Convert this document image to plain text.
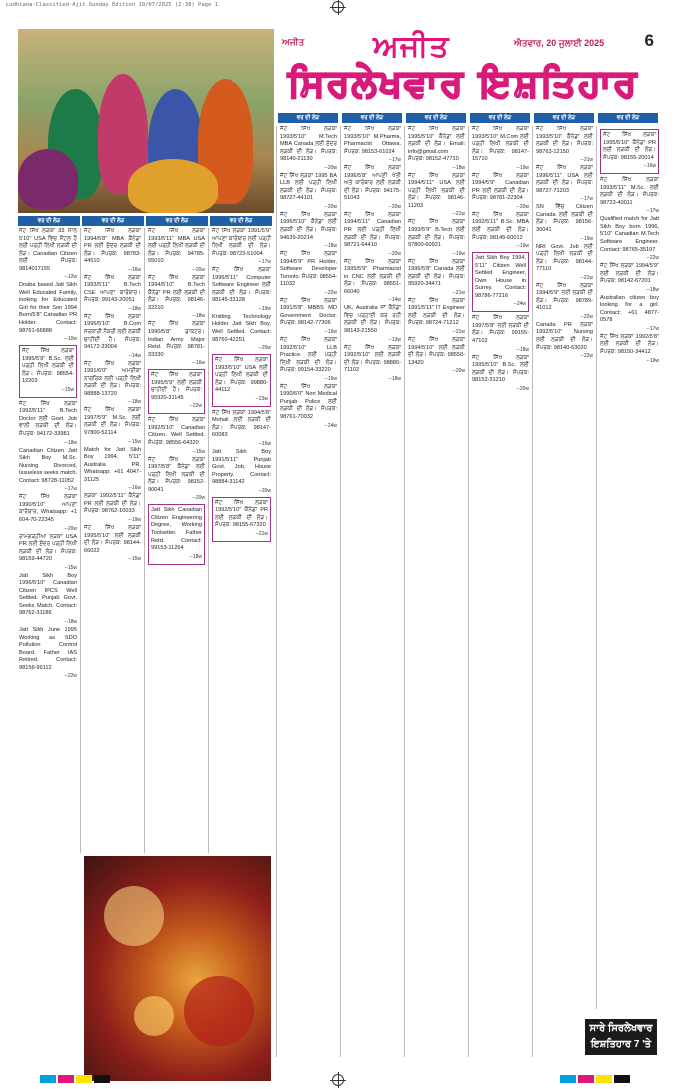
Ludhiana-Classified-Ajit Sunday Edition 19/07/2025 (2:38) Page 1
ਅਜੀਤ ਅਜੀਤ	ਐਤਵਾਰ, 20 ਜੁਲਾਈ 2025 6
ਸਿਰਲੇਖਵਾਰ ਇਸ਼ਤਿਹਾਰ
ਵਰ ਦੀ ਲੋੜ	ਵਰ ਦੀ ਲੋੜ	ਵਰ ਦੀ ਲੋੜ	ਵਰ ਦੀ ਲੋੜ	ਵਰ ਦੀ ਲੋੜ	ਵਰ ਦੀ ਲੋੜ
ਵਰ ਦੀ ਲੋੜ	ਵਰ ਦੀ ਲੋੜ	ਵਰ ਦੀ ਲੋੜ	ਵਰ ਦੀ ਲੋੜ
ਜੱਟ ਸਿੱਖ ਲੜਕਾ 33 ਸਾਲ 5'10" USA ਵਿਚ ਸੈਟਲ ਹੈ ਲਈ ਪੜ੍ਹੀ ਲਿਖੀ ਲੜਕੀ ਦੀ ਲੋੜ। Canadian Citizen ਲਈ ਸੰਪਰਕ: 9814017155
--12w
Doaba based Jatt Sikh Well Educated Family, looking for Educated Girl for their Son 1994 Born/5'8" Canadian PR Holder. Contact: 98761-66888
--10w
ਜੱਟ ਸਿੱਖ ਲੜਕਾ 1995/5'9" B.Sc. ਲਈ ਪੜ੍ਹੀ ਲਿਖੀ ਲੜਕੀ ਦੀ ਲੋੜ। ਸੰਪਰਕ: 98554-12203
--15w
ਜੱਟ ਸਿੱਖ ਲੜਕਾ 1992/5'11" B.Tech Doctor ਲਈ Govt. Job ਵਾਲੀ ਲੜਕੀ ਦੀ ਲੋੜ। ਸੰਪਰਕ: 94172-33981
--18w
Canadian Citizen Jatt Sikh Boy M.Sc. Nursing Divorced, Issueless seeks match. Contact: 98728-11052
--17w
ਜੱਟ ਸਿੱਖ ਲੜਕਾ 1990/5'10" ਆਪਣਾ ਕਾਰੋਬਾਰ, Whatsapp: +1 604-70-22345
--20w
ਰਾਮਗੜ੍ਹੀਆ ਲੜਕਾ USA PR ਲਈ ਸੁੰਦਰ ਪੜ੍ਹੀ ਲਿਖੀ ਲੜਕੀ ਦੀ ਲੋੜ। ਸੰਪਰਕ: 98159-44720
--15w
Jatt Sikh Boy 1996/5'10" Canadian Citizen IPCS Well Settled. Punjab Govt. Seeks Match. Contact: 98762-31186
--18w
Jatt Sikh June 1995 Working as SDO Pollution Control Board. Father IAS Retired. Contact: 98156-99112
--22w
ਜੱਟ ਸਿੱਖ ਲੜਕਾ 1994/5'8" MBA ਕੈਨੇਡਾ PR ਲਈ ਸੁੰਦਰ ਲੜਕੀ ਦੀ ਲੋੜ। ਸੰਪਰਕ: 98783-44510
--16w
ਜੱਟ ਸਿੱਖ ਲੜਕਾ 1993/5'11" B.Tech CSE ਆਪਣਾ ਕਾਰੋਬਾਰ। ਸੰਪਰਕ: 99143-20051
--18w
ਜੱਟ ਸਿੱਖ ਲੜਕਾ 1996/5'10" B.Com ਸਰਕਾਰੀ ਨੌਕਰੀ ਲਈ ਲੜਕੀ ਚਾਹੀਦੀ ਹੈ। ਸੰਪਰਕ: 94172-33004
--14w
ਜੱਟ ਸਿੱਖ ਲੜਕਾ 1991/6'0" ਅਮਰੀਕਾ ਨਾਗਰਿਕ ਲਈ ਪੜ੍ਹੀ ਲਿਖੀ ਲੜਕੀ ਦੀ ਲੋੜ। ਸੰਪਰਕ: 98888-13720
--18w
ਜੱਟ ਸਿੱਖ ਲੜਕਾ 1997/5'9" M.Sc. ਲਈ ਲੜਕੀ ਦੀ ਲੋੜ। ਸੰਪਰਕ: 97800-52114
--15w
Match for Jatt Sikh Boy 1994, 5'11" Australia PR. Whatsapp: +61 4047-31125
--16w
ਲੜਕਾ 1992/5'11" ਕੈਨੇਡਾ PR ਲਈ ਲੜਕੀ ਦੀ ਲੋੜ। ਸੰਪਰਕ: 98762-10033
--19w
ਜੱਟ ਸਿੱਖ ਲੜਕਾ 1995/5'10" ਲਈ ਲੜਕੀ ਦੀ ਲੋੜ। ਸੰਪਰਕ: 98144-66022
--15w
ਜੱਟ ਸਿੱਖ ਲੜਕਾ 1993/5'11" MBA USA ਲਈ ਪੜ੍ਹੀ ਲਿਖੀ ਲੜਕੀ ਦੀ ਲੋੜ। ਸੰਪਰਕ: 94785-55010
--20w
ਜੱਟ ਸਿੱਖ ਲੜਕਾ 1994/5'10" B.Tech ਕੈਨੇਡਾ PR ਲਈ ਲੜਕੀ ਦੀ ਲੋੜ। ਸੰਪਰਕ: 98146-32210
--18w
ਜੱਟ ਸਿੱਖ ਲੜਕਾ 1990/5'8" ਡਾਕਟਰ। Indian Army Major Retd. ਸੰਪਰਕ: 98781-33330
--16w
ਜੱਟ ਸਿੱਖ ਲੜਕਾ 1995/5'9" ਲਈ ਲੜਕੀ ਚਾਹੀਦੀ ਹੈ। ਸੰਪਰਕ: 95920-31145
--22w
ਜੱਟ ਸਿੱਖ ਲੜਕਾ 1992/5'10" Canadian Citizen. Well Settled. ਸੰਪਰਕ: 98556-64320
--15w
ਜੱਟ ਸਿੱਖ ਲੜਕਾ 1997/5'8" ਕੈਨੇਡਾ ਲਈ ਪੜ੍ਹੀ ਲਿਖੀ ਲੜਕੀ ਦੀ ਲੋੜ। ਸੰਪਰਕ: 98152-90041
--20w
Jatt Sikh Canadian Citizen Engineering Degree, Working Toolsetter. Father Retd. Contact: 99153-11264
--18w
ਜੱਟ ਸਿੱਖ ਲੜਕਾ 1991/5'9" ਆਪਣਾ ਕਾਰੋਬਾਰ ਲਈ ਪੜ੍ਹੀ ਲਿਖੀ ਲੜਕੀ ਦੀ ਲੋੜ। ਸੰਪਰਕ: 98723-51004
--17w
ਜੱਟ ਸਿੱਖ ਲੜਕਾ 1996/5'11" Computer Software Engineer ਲਈ ਲੜਕੀ ਦੀ ਲੋੜ। ਸੰਪਰਕ: 98145-33128
--19w
Knitting Technology Holder Jatt Sikh Boy, Well Settled. Contact: 98760-42251
--20w
ਜੱਟ ਸਿੱਖ ਲੜਕਾ 1993/5'10" USA ਲਈ ਪੜ੍ਹੀ ਲਿਖੀ ਲੜਕੀ ਦੀ ਲੋੜ। ਸੰਪਰਕ: 99880-44112
--23w
ਜੱਟ ਸਿੱਖ ਲੜਕਾ 1994/5'8" Mohali ਲਈ ਲੜਕੀ ਦੀ ਲੋੜ। ਸੰਪਰਕ: 98147-60083
--16w
Jatt Sikh Boy 1991/5'11" Punjab Govt. Job, House Property. Contact: 98884-31142
--20w
ਜੱਟ ਸਿੱਖ ਲੜਕਾ 1992/5'10" ਕੈਨੇਡਾ PR ਲਈ ਲੜਕੀ ਦੀ ਲੋੜ। ਸੰਪਰਕ: 98155-67320
--21w
ਜੱਟ ਸਿੱਖ ਲੜਕਾ 1993/5'10" M.Tech MBA Canada ਲਈ ਸੁੰਦਰ ਲੜਕੀ ਦੀ ਲੋੜ। ਸੰਪਰਕ: 98140-21130
--20w
ਜੱਟ ਸਿੱਖ ਲੜਕਾ 1995 BA LLB ਲਈ ਪੜ੍ਹੀ ਲਿਖੀ ਲੜਕੀ ਦੀ ਲੋੜ। ਸੰਪਰਕ: 98727-44101
--20w
ਜੱਟ ਸਿੱਖ ਲੜਕਾ 1996/5'10" ਕੈਨੇਡਾ ਲਈ ਲੜਕੀ ਦੀ ਲੋੜ। ਸੰਪਰਕ: 94639-20214
--18w
ਜੱਟ ਸਿੱਖ ਲੜਕਾ 1994/5'9" PR Holder, Software Developer Toronto. ਸੰਪਰਕ: 98554-11032
--22w
ਜੱਟ ਸਿੱਖ ਲੜਕਾ 1991/5'8" MBBS MD Government Doctor. ਸੰਪਰਕ: 98142-77306
--19w
ਜੱਟ ਸਿੱਖ ਲੜਕਾ 1992/5'10" LLB Practice ਲਈ ਪੜ੍ਹੀ ਲਿਖੀ ਲੜਕੀ ਦੀ ਲੋੜ। ਸੰਪਰਕ: 99154-33220
--19w
ਜੱਟ ਸਿੱਖ ਲੜਕਾ 1990/6'0" Non Medical Punjab Police ਲਈ ਲੜਕੀ ਦੀ ਲੋੜ। ਸੰਪਰਕ: 98761-70032
--24w
ਜੱਟ ਸਿੱਖ ਲੜਕਾ 1993/5'10" M.Pharma, Pharmacist Ottawa. ਸੰਪਰਕ: 98153-61024
--17w
ਜੱਟ ਸਿੱਖ ਲੜਕਾ 1996/5'8" ਆਪਣੀ ਖੇਤੀ ਅਤੇ ਕਾਰੋਬਾਰ ਲਈ ਲੜਕੀ ਦੀ ਲੋੜ। ਸੰਪਰਕ: 94175-51043
--20w
ਜੱਟ ਸਿੱਖ ਲੜਕਾ 1994/5'11" Canadian PR ਲਈ ਪੜ੍ਹੀ ਲਿਖੀ ਲੜਕੀ ਦੀ ਲੋੜ। ਸੰਪਰਕ: 98721-64410
--20w
ਜੱਟ ਸਿੱਖ ਲੜਕਾ 1995/5'9" Pharmacist in CNC ਲਈ ਲੜਕੀ ਦੀ ਲੋੜ। ਸੰਪਰਕ: 98551-66040
--14w
UK, Australia ਜਾਂ ਕੈਨੇਡਾ ਵਿਚ ਪੜ੍ਹਾਈ ਕਰ ਰਹੀ ਲੜਕੀ ਦੀ ਲੋੜ। ਸੰਪਰਕ: 98143-21550
--13w
ਜੱਟ ਸਿੱਖ ਲੜਕਾ 1992/5'10" ਲਈ ਲੜਕੀ ਦੀ ਲੋੜ। ਸੰਪਰਕ: 98880-71102
--18w
ਜੱਟ ਸਿੱਖ ਲੜਕਾ 1995/5'10" ਕੈਨੇਡਾ ਲਈ ਲੜਕੀ ਦੀ ਲੋੜ। Email: info@gmail.com ਸੰਪਰਕ: 98152-47710
--18w
ਜੱਟ ਸਿੱਖ ਲੜਕਾ 1994/5'11" USA ਲਈ ਪੜ੍ਹੀ ਲਿਖੀ ਲੜਕੀ ਦੀ ਲੋੜ। ਸੰਪਰਕ: 98146-11203
--21w
ਜੱਟ ਸਿੱਖ ਲੜਕਾ 1993/5'9" B.Tech ਲਈ ਲੜਕੀ ਦੀ ਲੋੜ। ਸੰਪਰਕ: 97800-60921
--19w
ਜੱਟ ਸਿੱਖ ਲੜਕਾ 1996/5'8" Canada ਲਈ ਲੜਕੀ ਦੀ ਲੋੜ। ਸੰਪਰਕ: 95920-34471
--21w
ਜੱਟ ਸਿੱਖ ਲੜਕਾ 1991/5'11" IT Engineer ਲਈ ਲੜਕੀ ਦੀ ਲੋੜ। ਸੰਪਰਕ: 98724-71212
--21w
ਜੱਟ ਸਿੱਖ ਲੜਕਾ 1994/5'10" ਲਈ ਲੜਕੀ ਦੀ ਲੋੜ। ਸੰਪਰਕ: 98550-13420
--20w
ਜੱਟ ਸਿੱਖ ਲੜਕਾ 1993/5'10" M.Com ਲਈ ਪੜ੍ਹੀ ਲਿਖੀ ਲੜਕੀ ਦੀ ਲੋੜ। ਸੰਪਰਕ: 98147-15710
--19w
ਜੱਟ ਸਿੱਖ ਲੜਕਾ 1994/5'9" Canadian PR ਲਈ ਲੜਕੀ ਦੀ ਲੋੜ। ਸੰਪਰਕ: 98781-22304
--20w
ਜੱਟ ਸਿੱਖ ਲੜਕਾ 1992/5'11" B.Sc. MBA ਲਈ ਲੜਕੀ ਦੀ ਲੋੜ। ਸੰਪਰਕ: 98145-60012
--19w
Jatt Sikh Boy 1994, 5'11" Citizen Well Settled Engineer, Own House in Surrey. Contact: 98786-77216
--24w
ਜੱਟ ਸਿੱਖ ਲੜਕਾ 1997/5'8" ਲਈ ਲੜਕੀ ਦੀ ਲੋੜ। ਸੰਪਰਕ: 99155-47102
--18w
ਜੱਟ ਸਿੱਖ ਲੜਕਾ 1995/5'10" B.Sc. ਲਈ ਲੜਕੀ ਦੀ ਲੋੜ। ਸੰਪਰਕ: 98152-31210
--20w
ਜੱਟ ਸਿੱਖ ਲੜਕਾ 1993/5'10" ਕੈਨੇਡਾ ਲਈ ਲੜਕੀ ਦੀ ਲੋੜ। ਸੰਪਰਕ: 98763-12150
--21w
ਜੱਟ ਸਿੱਖ ਲੜਕਾ 1996/5'11" USA ਲਈ ਲੜਕੀ ਦੀ ਲੋੜ। ਸੰਪਰਕ: 98727-71203
--17w
SN ਵਿੱਚ Citizen Canada ਲਈ ਲੜਕੀ ਦੀ ਲੋੜ। ਸੰਪਰਕ: 98156-30041
--19w
NRI Govt. Job ਲਈ ਪੜ੍ਹੀ ਲਿਖੀ ਲੜਕੀ ਦੀ ਲੋੜ। ਸੰਪਰਕ: 98144-77110
--21w
ਜੱਟ ਸਿੱਖ ਲੜਕਾ 1994/5'9" ਲਈ ਲੜਕੀ ਦੀ ਲੋੜ। ਸੰਪਰਕ: 98789-41012
--22w
Canada PR ਲੜਕਾ 1992/5'10" Nursing ਲਈ ਲੜਕੀ ਦੀ ਲੋੜ। ਸੰਪਰਕ: 98140-63020
--22w
ਜੱਟ ਸਿੱਖ ਲੜਕਾ 1995/5'10" ਕੈਨੇਡਾ PR ਲਈ ਲੜਕੀ ਦੀ ਲੋੜ। ਸੰਪਰਕ: 98155-20014
--16w
ਜੱਟ ਸਿੱਖ ਲੜਕਾ 1993/5'11" M.Sc. ਲਈ ਲੜਕੀ ਦੀ ਲੋੜ। ਸੰਪਰਕ: 98723-40011
--17w
Qualified match for Jatt Sikh Boy born 1996, 5'10" Canadian M.Tech Software Engineer. Contact: 98765-35107
--22w
ਜੱਟ ਸਿੱਖ ਲੜਕਾ 1994/5'9" ਲਈ ਲੜਕੀ ਦੀ ਲੋੜ। ਸੰਪਰਕ: 98142-67201
--18w
Australian citizen boy looking for a girl. Contact: +61 4877-0578
--17w
ਜੱਟ ਸਿੱਖ ਲੜਕਾ 1992/5'8" ਲਈ ਲੜਕੀ ਦੀ ਲੋੜ। ਸੰਪਰਕ: 98150-34412
--19w
ਸਾਰੇ ਸਿਰਲੇਖਵਾਰ
ਇਸ਼ਤਿਹਾਰ 7 'ਤੇ
